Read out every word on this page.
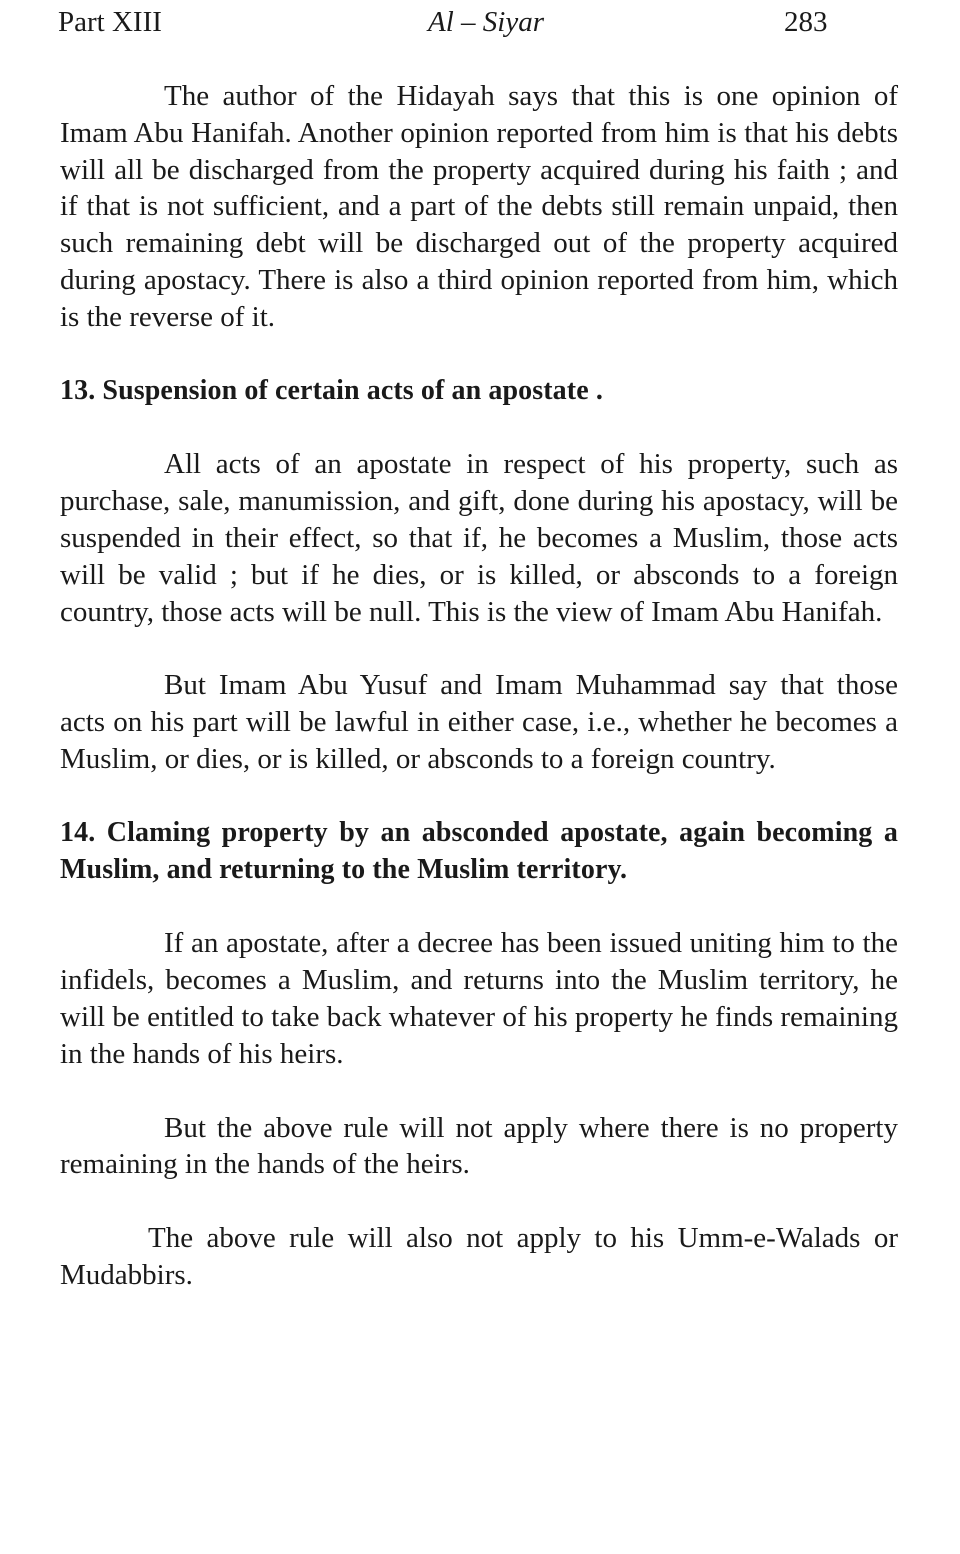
Part XIII	Al – Siyar	283

The author of the Hidayah says that this is one opinion of Imam Abu Hanifah. Another opinion reported from him is that his debts will all be discharged from the property acquired during his faith ; and if that is not sufficient, and a part of the debts still remain unpaid, then such remaining debt will be discharged out of the property acquired during apostacy. There is also a third opinion reported from him, which is the reverse of it.

13. Suspension of certain acts of an apostate .

All acts of an apostate in respect of his property, such as purchase, sale, manumission, and gift, done during his apostacy, will be suspended in their effect, so that if, he becomes a Muslim, those acts will be valid ; but if he dies, or is killed, or absconds to a foreign country, those acts will be null. This is the view of Imam Abu Hanifah.

But Imam Abu Yusuf and Imam Muhammad say that those acts on his part will be lawful in either case, i.e., whether he becomes a Muslim, or dies, or is killed, or absconds to a foreign country.

14. Claming property by an absconded apostate, again becoming a Muslim, and returning to the Muslim territory.

If an apostate, after a decree has been issued uniting him to the infidels, becomes a Muslim, and returns into the Muslim territory, he will be entitled to take back whatever of his property he finds remaining in the hands of his heirs.

But the above rule will not apply where there is no property remaining in the hands of the heirs.

The above rule will also not apply to his Umm-e-Walads or Mudabbirs.
